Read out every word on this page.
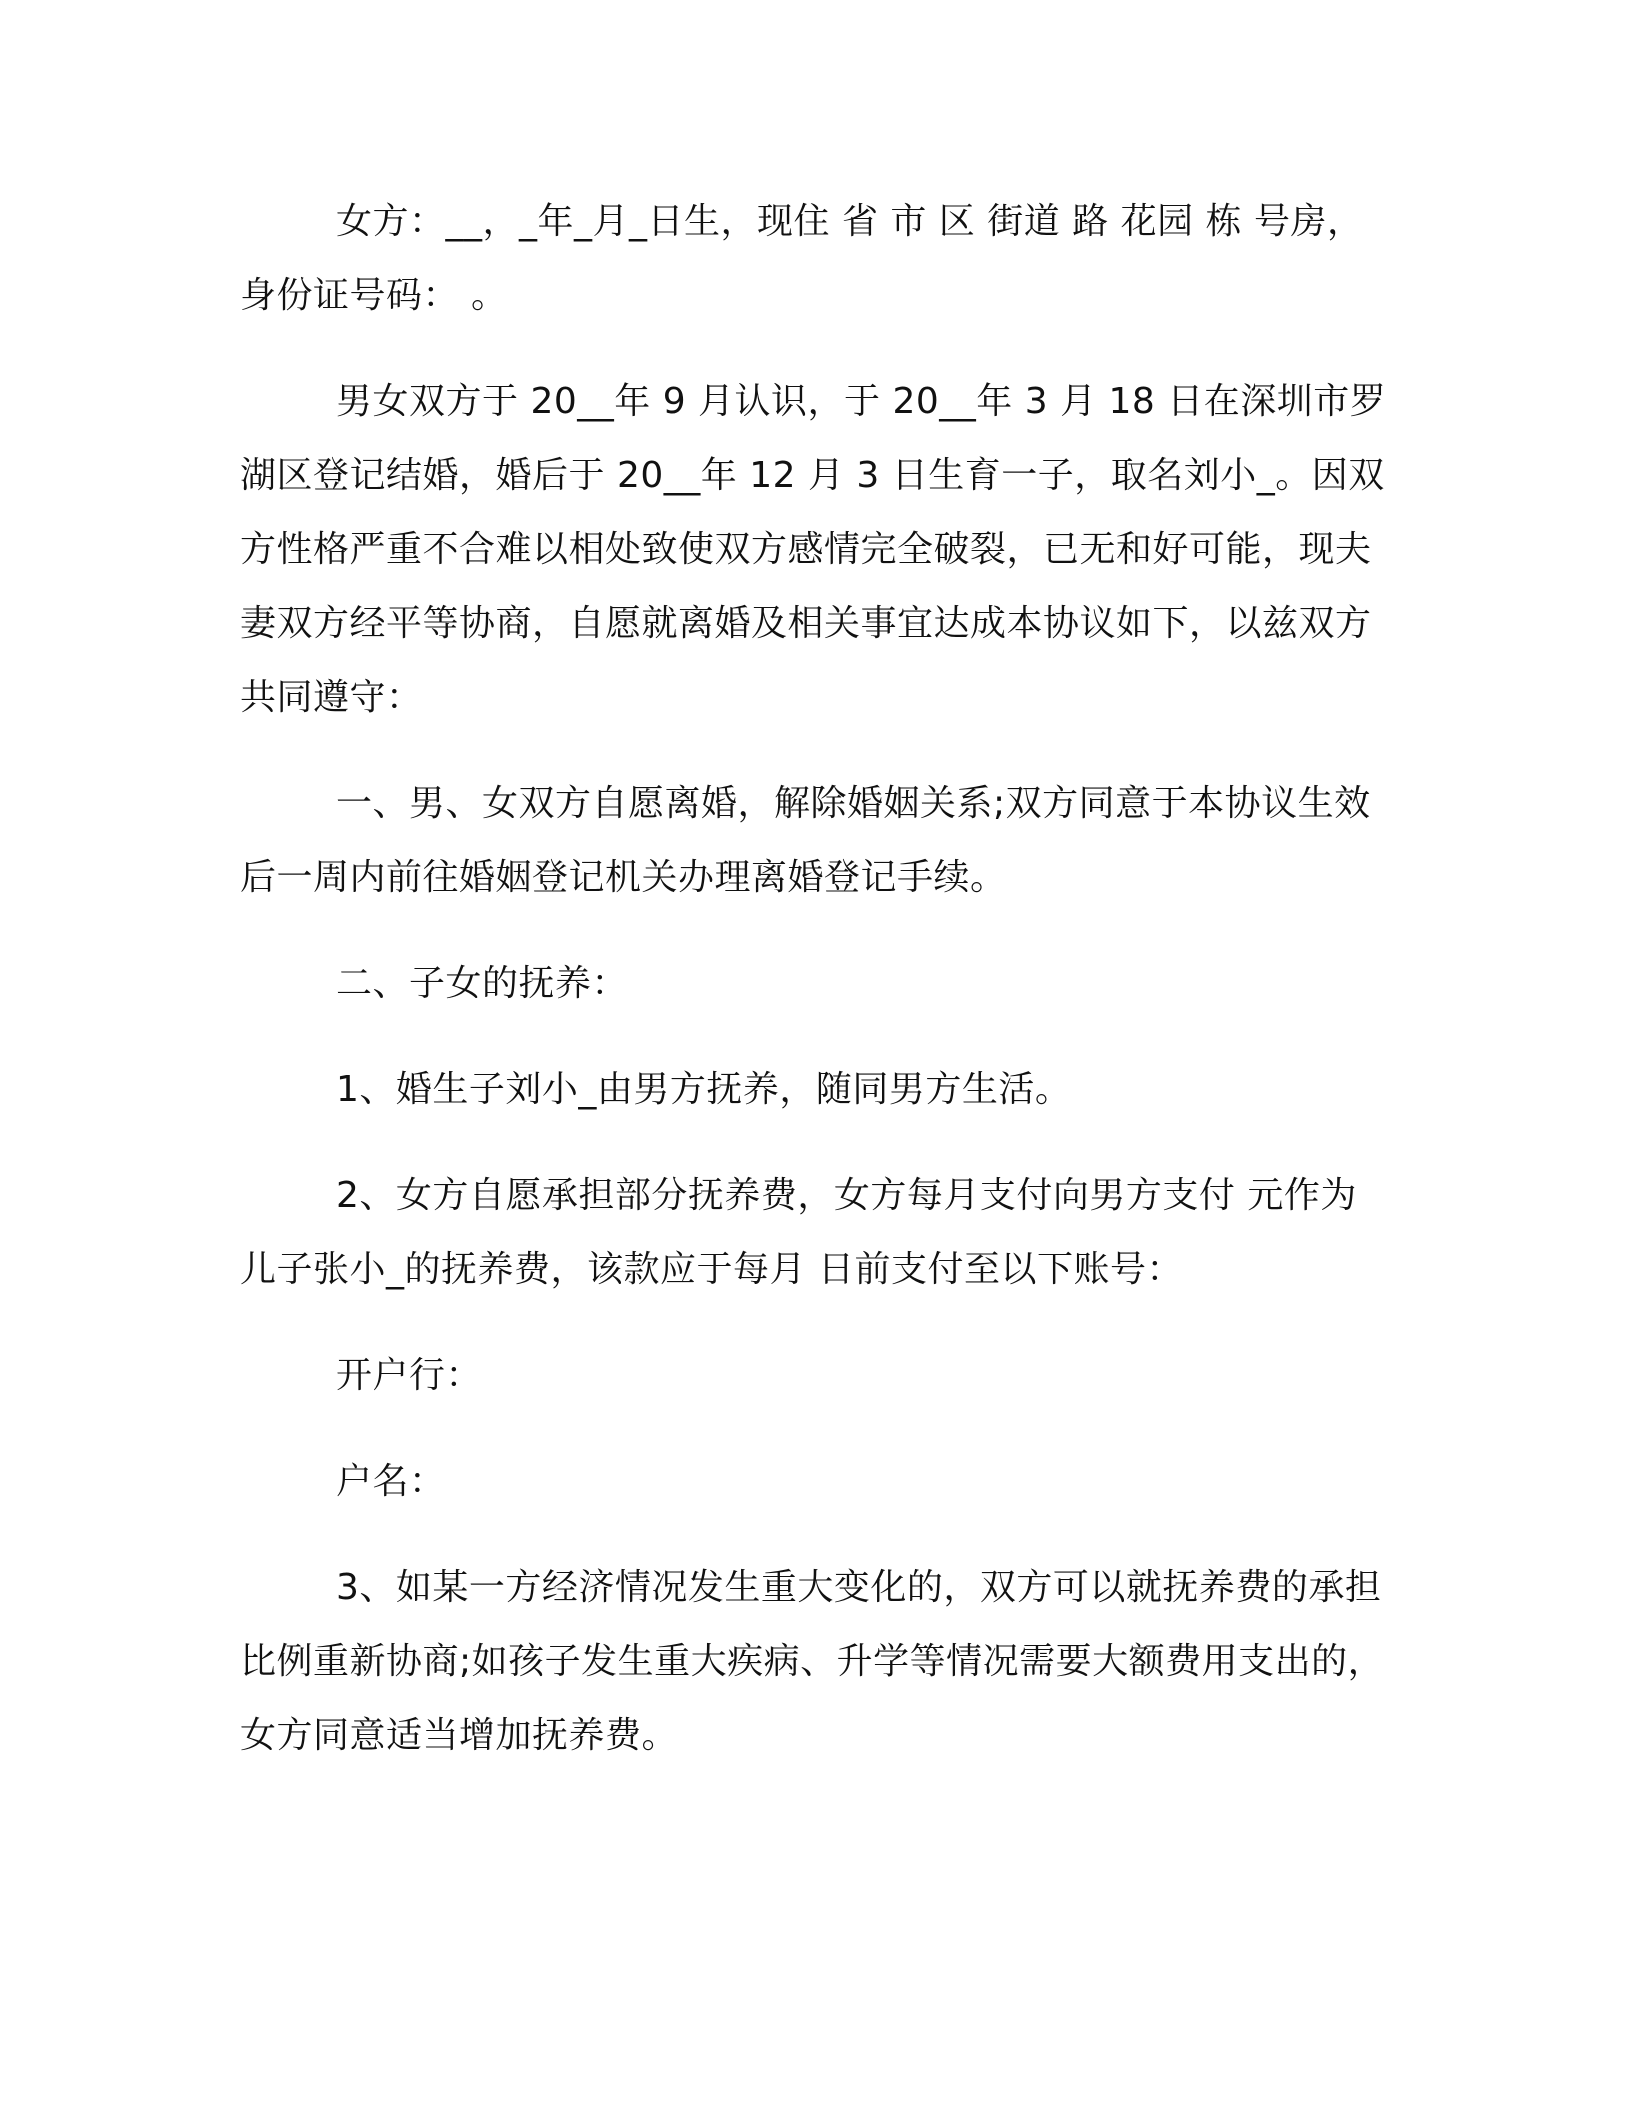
女方：__，_年_月_日生，现住 省 市 区 街道 路 花园 栋 号房，身份证号码： 。

男女双方于 20__年 9 月认识，于 20__年 3 月 18 日在深圳市罗湖区登记结婚，婚后于 20__年 12 月 3 日生育一子，取名刘小_。因双方性格严重不合难以相处致使双方感情完全破裂，已无和好可能，现夫妻双方经平等协商，自愿就离婚及相关事宜达成本协议如下，以兹双方共同遵守：

一、男、女双方自愿离婚，解除婚姻关系;双方同意于本协议生效后一周内前往婚姻登记机关办理离婚登记手续。

二、子女的抚养：

1、婚生子刘小_由男方抚养，随同男方生活。

2、女方自愿承担部分抚养费，女方每月支付向男方支付 元作为儿子张小_的抚养费，该款应于每月 日前支付至以下账号：

开户行：

户名：

3、如某一方经济情况发生重大变化的，双方可以就抚养费的承担比例重新协商;如孩子发生重大疾病、升学等情况需要大额费用支出的，女方同意适当增加抚养费。
